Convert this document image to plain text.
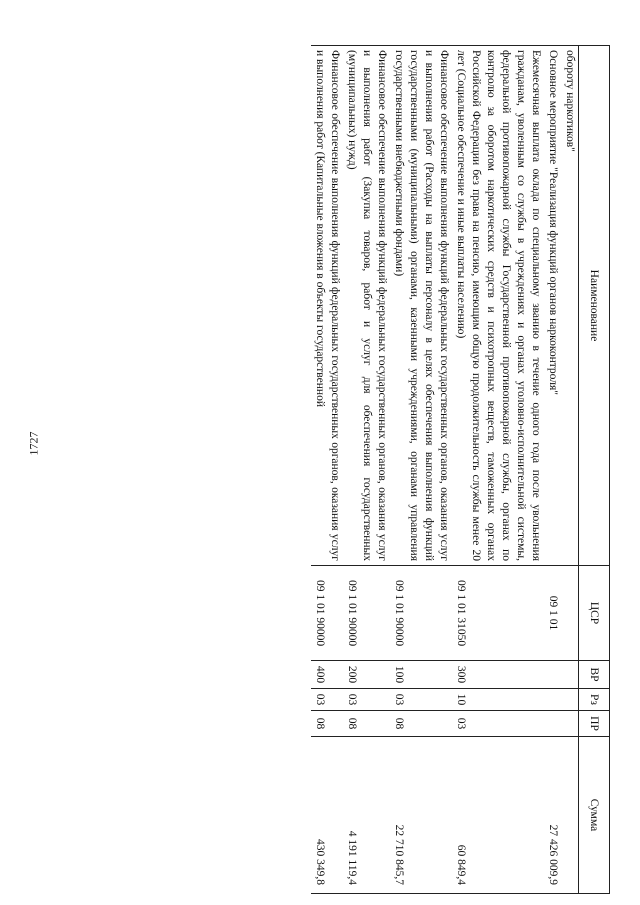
1727
Наименование	ЦСР	ВР	Рз	ПР	Сумма
обороту наркотиков"					
Основное мероприятие "Реализация функций органов наркоконтроля"	09 1 01				27 426 009,9
Ежемесячная выплата оклада по специальному званию в течение одного года после увольнения гражданам, уволенным со службы в учреждениях и органах уголовно-исполнительной системы, федеральной противопожарной службы Государственной противопожарной службы, органах по контролю за оборотом наркотических средств и психотропных веществ, таможенных органах Российской Федерации без права на пенсию, имеющим общую продолжительность службы менее 20 лет (Социальное обеспечение и иные выплаты населению)	09 1 01 31050	300	10	03	60 849,4
Финансовое обеспечение выполнения функций федеральных государственных органов, оказания услуг и выполнения работ (Расходы на выплаты персоналу в целях обеспечения выполнения функций государственными (муниципальными) органами, казенными учреждениями, органами управления государственными внебюджетными фондами)	09 1 01 90000	100	03	08	22 710 845,7
Финансовое обеспечение выполнения функций федеральных государственных органов, оказания услуг и выполнения работ (Закупка товаров, работ и услуг для обеспечения государственных (муниципальных) нужд)	09 1 01 90000	200	03	08	4 191 119,4
Финансовое обеспечение выполнения функций федеральных государственных органов, оказания услуг и выполнения работ (Капитальные вложения в объекты государственной	09 1 01 90000	400	03	08	430 349,8
